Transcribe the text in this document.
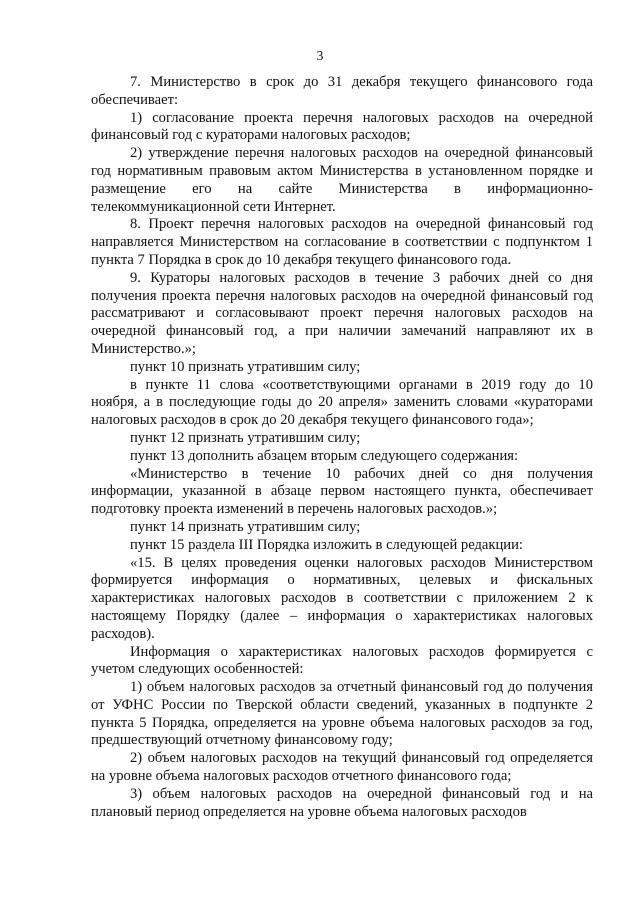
3

7. Министерство в срок до 31 декабря текущего финансового года обеспечивает:

1) согласование проекта перечня налоговых расходов на очередной финансовый год с кураторами налоговых расходов;

2) утверждение перечня налоговых расходов на очередной финансовый год нормативным правовым актом Министерства в установленном порядке и размещение его на сайте Министерства в информационно-телекоммуникационной сети Интернет.

8. Проект перечня налоговых расходов на очередной финансовый год направляется Министерством на согласование в соответствии с подпунктом 1 пункта 7 Порядка в срок до 10 декабря текущего финансового года.

9. Кураторы налоговых расходов в течение 3 рабочих дней со дня получения проекта перечня налоговых расходов на очередной финансовый год рассматривают и согласовывают проект перечня налоговых расходов на очередной финансовый год, а при наличии замечаний направляют их в Министерство.»;

пункт 10 признать утратившим силу;

в пункте 11 слова «соответствующими органами в 2019 году до 10 ноября, а в последующие годы до 20 апреля» заменить словами «кураторами налоговых расходов в срок до 20 декабря текущего финансового года»;

пункт 12 признать утратившим силу;

пункт 13 дополнить абзацем вторым следующего содержания:

«Министерство в течение 10 рабочих дней со дня получения информации, указанной в абзаце первом настоящего пункта, обеспечивает подготовку проекта изменений в перечень налоговых расходов.»;

пункт 14 признать утратившим силу;

пункт 15 раздела III Порядка изложить в следующей редакции:

«15. В целях проведения оценки налоговых расходов Министерством формируется информация о нормативных, целевых и фискальных характеристиках налоговых расходов в соответствии с приложением 2 к настоящему Порядку (далее – информация о характеристиках налоговых расходов).

Информация о характеристиках налоговых расходов формируется с учетом следующих особенностей:

1) объем налоговых расходов за отчетный финансовый год до получения от УФНС России по Тверской области сведений, указанных в подпункте 2 пункта 5 Порядка, определяется на уровне объема налоговых расходов за год, предшествующий отчетному финансовому году;

2) объем налоговых расходов на текущий финансовый год определяется на уровне объема налоговых расходов отчетного финансового года;

3) объем налоговых расходов на очередной финансовый год и на плановый период определяется на уровне объема налоговых расходов
